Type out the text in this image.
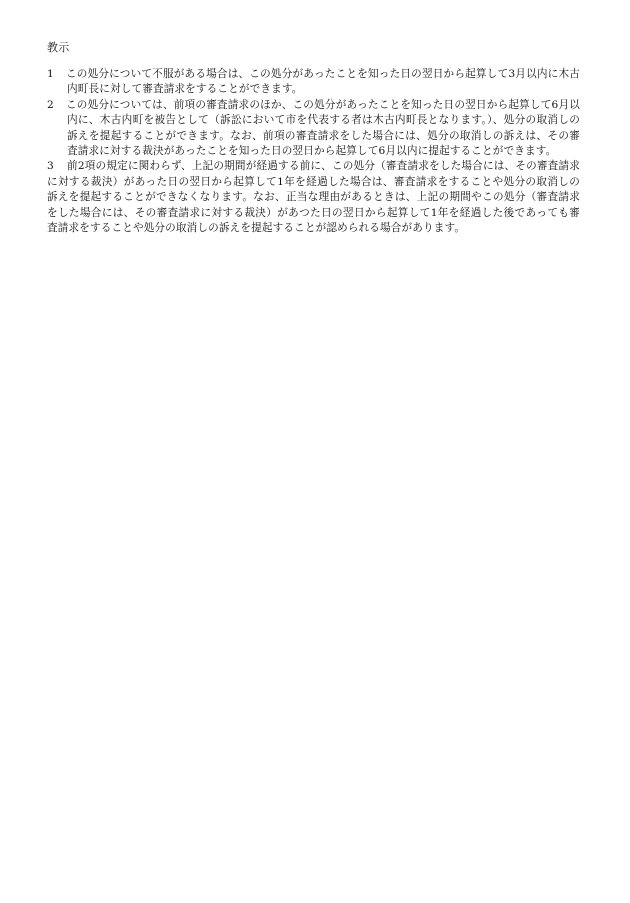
教示
1	この処分について不服がある場合は、この処分があったことを知った日の翌日から起算して3月以内に木古内町長に対して審査請求をすることができます。
2	この処分については、前項の審査請求のほか、この処分があったことを知った日の翌日から起算して6月以内に、木古内町を被告として（訴訟において市を代表する者は木古内町長となります。）、処分の取消しの訴えを提起することができます。なお、前項の審査請求をした場合には、処分の取消しの訴えは、その審査請求に対する裁決があったことを知った日の翌日から起算して6月以内に提起することができます。
3 前2項の規定に関わらず、上記の期間が経過する前に、この処分（審査請求をした場合には、その審査請求に対する裁決）があった日の翌日から起算して1年を経過した場合は、審査請求をすることや処分の取消しの訴えを提起することができなくなります。なお、正当な理由があるときは、上記の期間やこの処分（審査請求をした場合には、その審査請求に対する裁決）があつた日の翌日から起算して1年を経過した後であっても審査請求をすることや処分の取消しの訴えを提起することが認められる場合があります。
